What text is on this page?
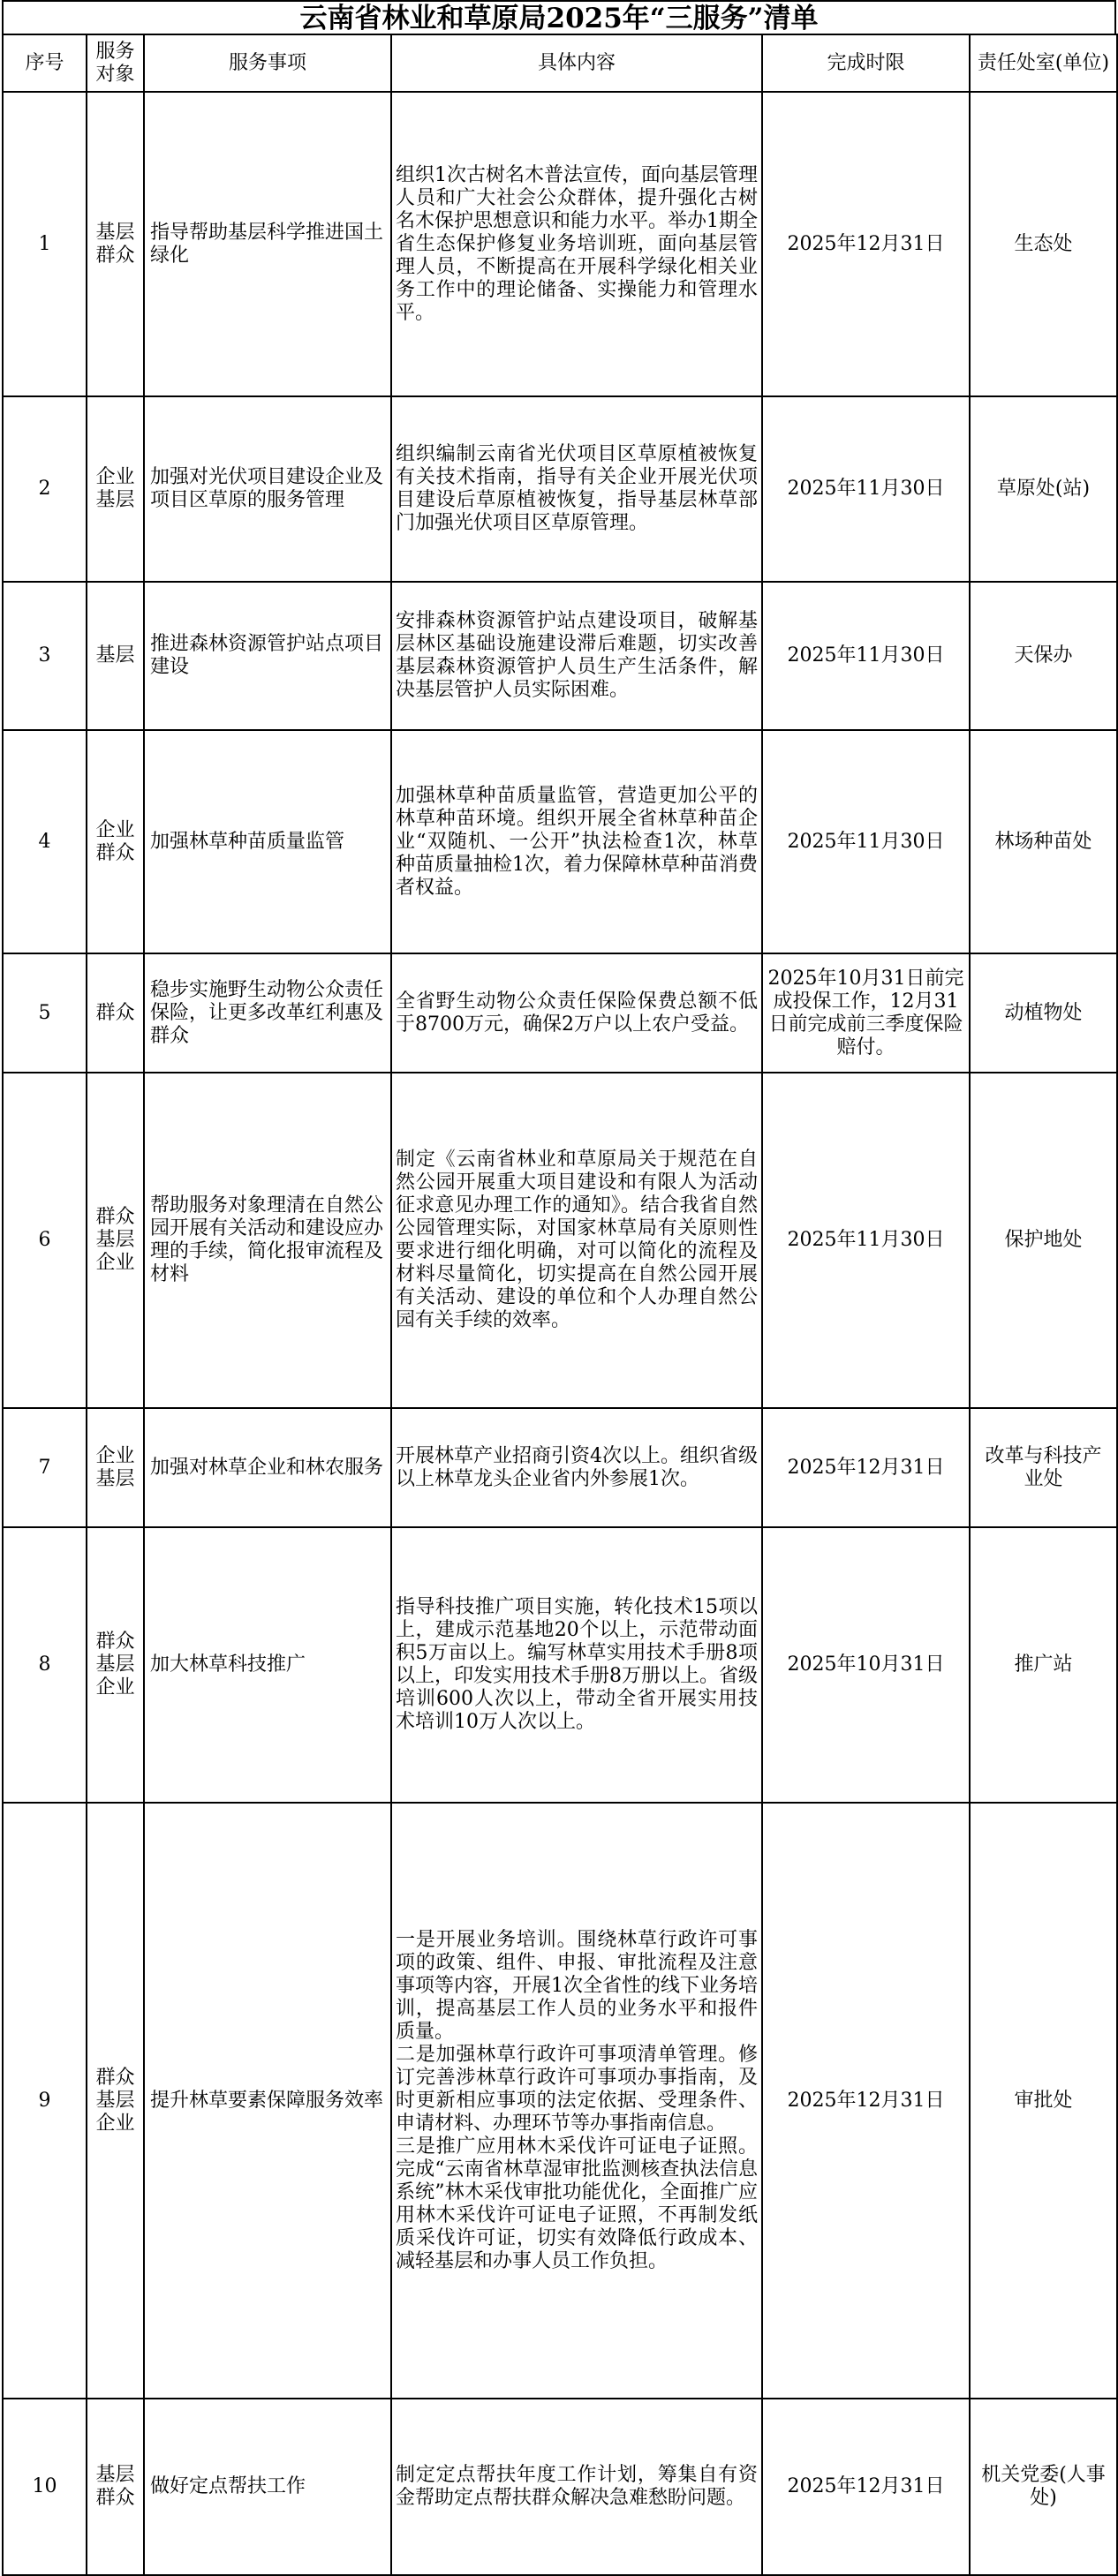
云南省林业和草原局2025年“三服务”清单
序号	服务对象	服务事项	具体内容	完成时限	责任处室(单位)
1	基层群众	指导帮助基层科学推进国土绿化	组织1次古树名木普法宣传，面向基层管理人员和广大社会公众群体，提升强化古树名木保护思想意识和能力水平。举办1期全省生态保护修复业务培训班，面向基层管理人员，不断提高在开展科学绿化相关业务工作中的理论储备、实操能力和管理水平。	2025年12月31日	生态处
2	企业基层	加强对光伏项目建设企业及项目区草原的服务管理	组织编制云南省光伏项目区草原植被恢复有关技术指南，指导有关企业开展光伏项目建设后草原植被恢复，指导基层林草部门加强光伏项目区草原管理。	2025年11月30日	草原处(站)
3	基层	推进森林资源管护站点项目建设	安排森林资源管护站点建设项目，破解基层林区基础设施建设滞后难题，切实改善基层森林资源管护人员生产生活条件，解决基层管护人员实际困难。	2025年11月30日	天保办
4	企业群众	加强林草种苗质量监管	加强林草种苗质量监管，营造更加公平的林草种苗环境。组织开展全省林草种苗企业“双随机、一公开”执法检查1次，林草种苗质量抽检1次，着力保障林草种苗消费者权益。	2025年11月30日	林场种苗处
5	群众	稳步实施野生动物公众责任保险，让更多改革红利惠及群众	全省野生动物公众责任保险保费总额不低于8700万元，确保2万户以上农户受益。	2025年10月31日前完成投保工作，12月31日前完成前三季度保险赔付。	动植物处
6	群众基层企业	帮助服务对象理清在自然公园开展有关活动和建设应办理的手续，简化报审流程及材料	制定《云南省林业和草原局关于规范在自然公园开展重大项目建设和有限人为活动征求意见办理工作的通知》。结合我省自然公园管理实际，对国家林草局有关原则性要求进行细化明确，对可以简化的流程及材料尽量简化，切实提高在自然公园开展有关活动、建设的单位和个人办理自然公园有关手续的效率。	2025年11月30日	保护地处
7	企业基层	加强对林草企业和林农服务	开展林草产业招商引资4次以上。组织省级以上林草龙头企业省内外参展1次。	2025年12月31日	改革与科技产业处
8	群众基层企业	加大林草科技推广	指导科技推广项目实施，转化技术15项以上，建成示范基地20个以上，示范带动面积5万亩以上。编写林草实用技术手册8项以上，印发实用技术手册8万册以上。省级培训600人次以上，带动全省开展实用技术培训10万人次以上。	2025年10月31日	推广站
9	群众基层企业	提升林草要素保障服务效率	一是开展业务培训。围绕林草行政许可事项的政策、组件、申报、审批流程及注意事项等内容，开展1次全省性的线下业务培训，提高基层工作人员的业务水平和报件质量。
二是加强林草行政许可事项清单管理。修订完善涉林草行政许可事项办事指南，及时更新相应事项的法定依据、受理条件、申请材料、办理环节等办事指南信息。
三是推广应用林木采伐许可证电子证照。完成“云南省林草湿审批监测核查执法信息系统”林木采伐审批功能优化，全面推广应用林木采伐许可证电子证照，不再制发纸质采伐许可证，切实有效降低行政成本、减轻基层和办事人员工作负担。	2025年12月31日	审批处
10	基层群众	做好定点帮扶工作	制定定点帮扶年度工作计划，筹集自有资金帮助定点帮扶群众解决急难愁盼问题。	2025年12月31日	机关党委(人事处)
